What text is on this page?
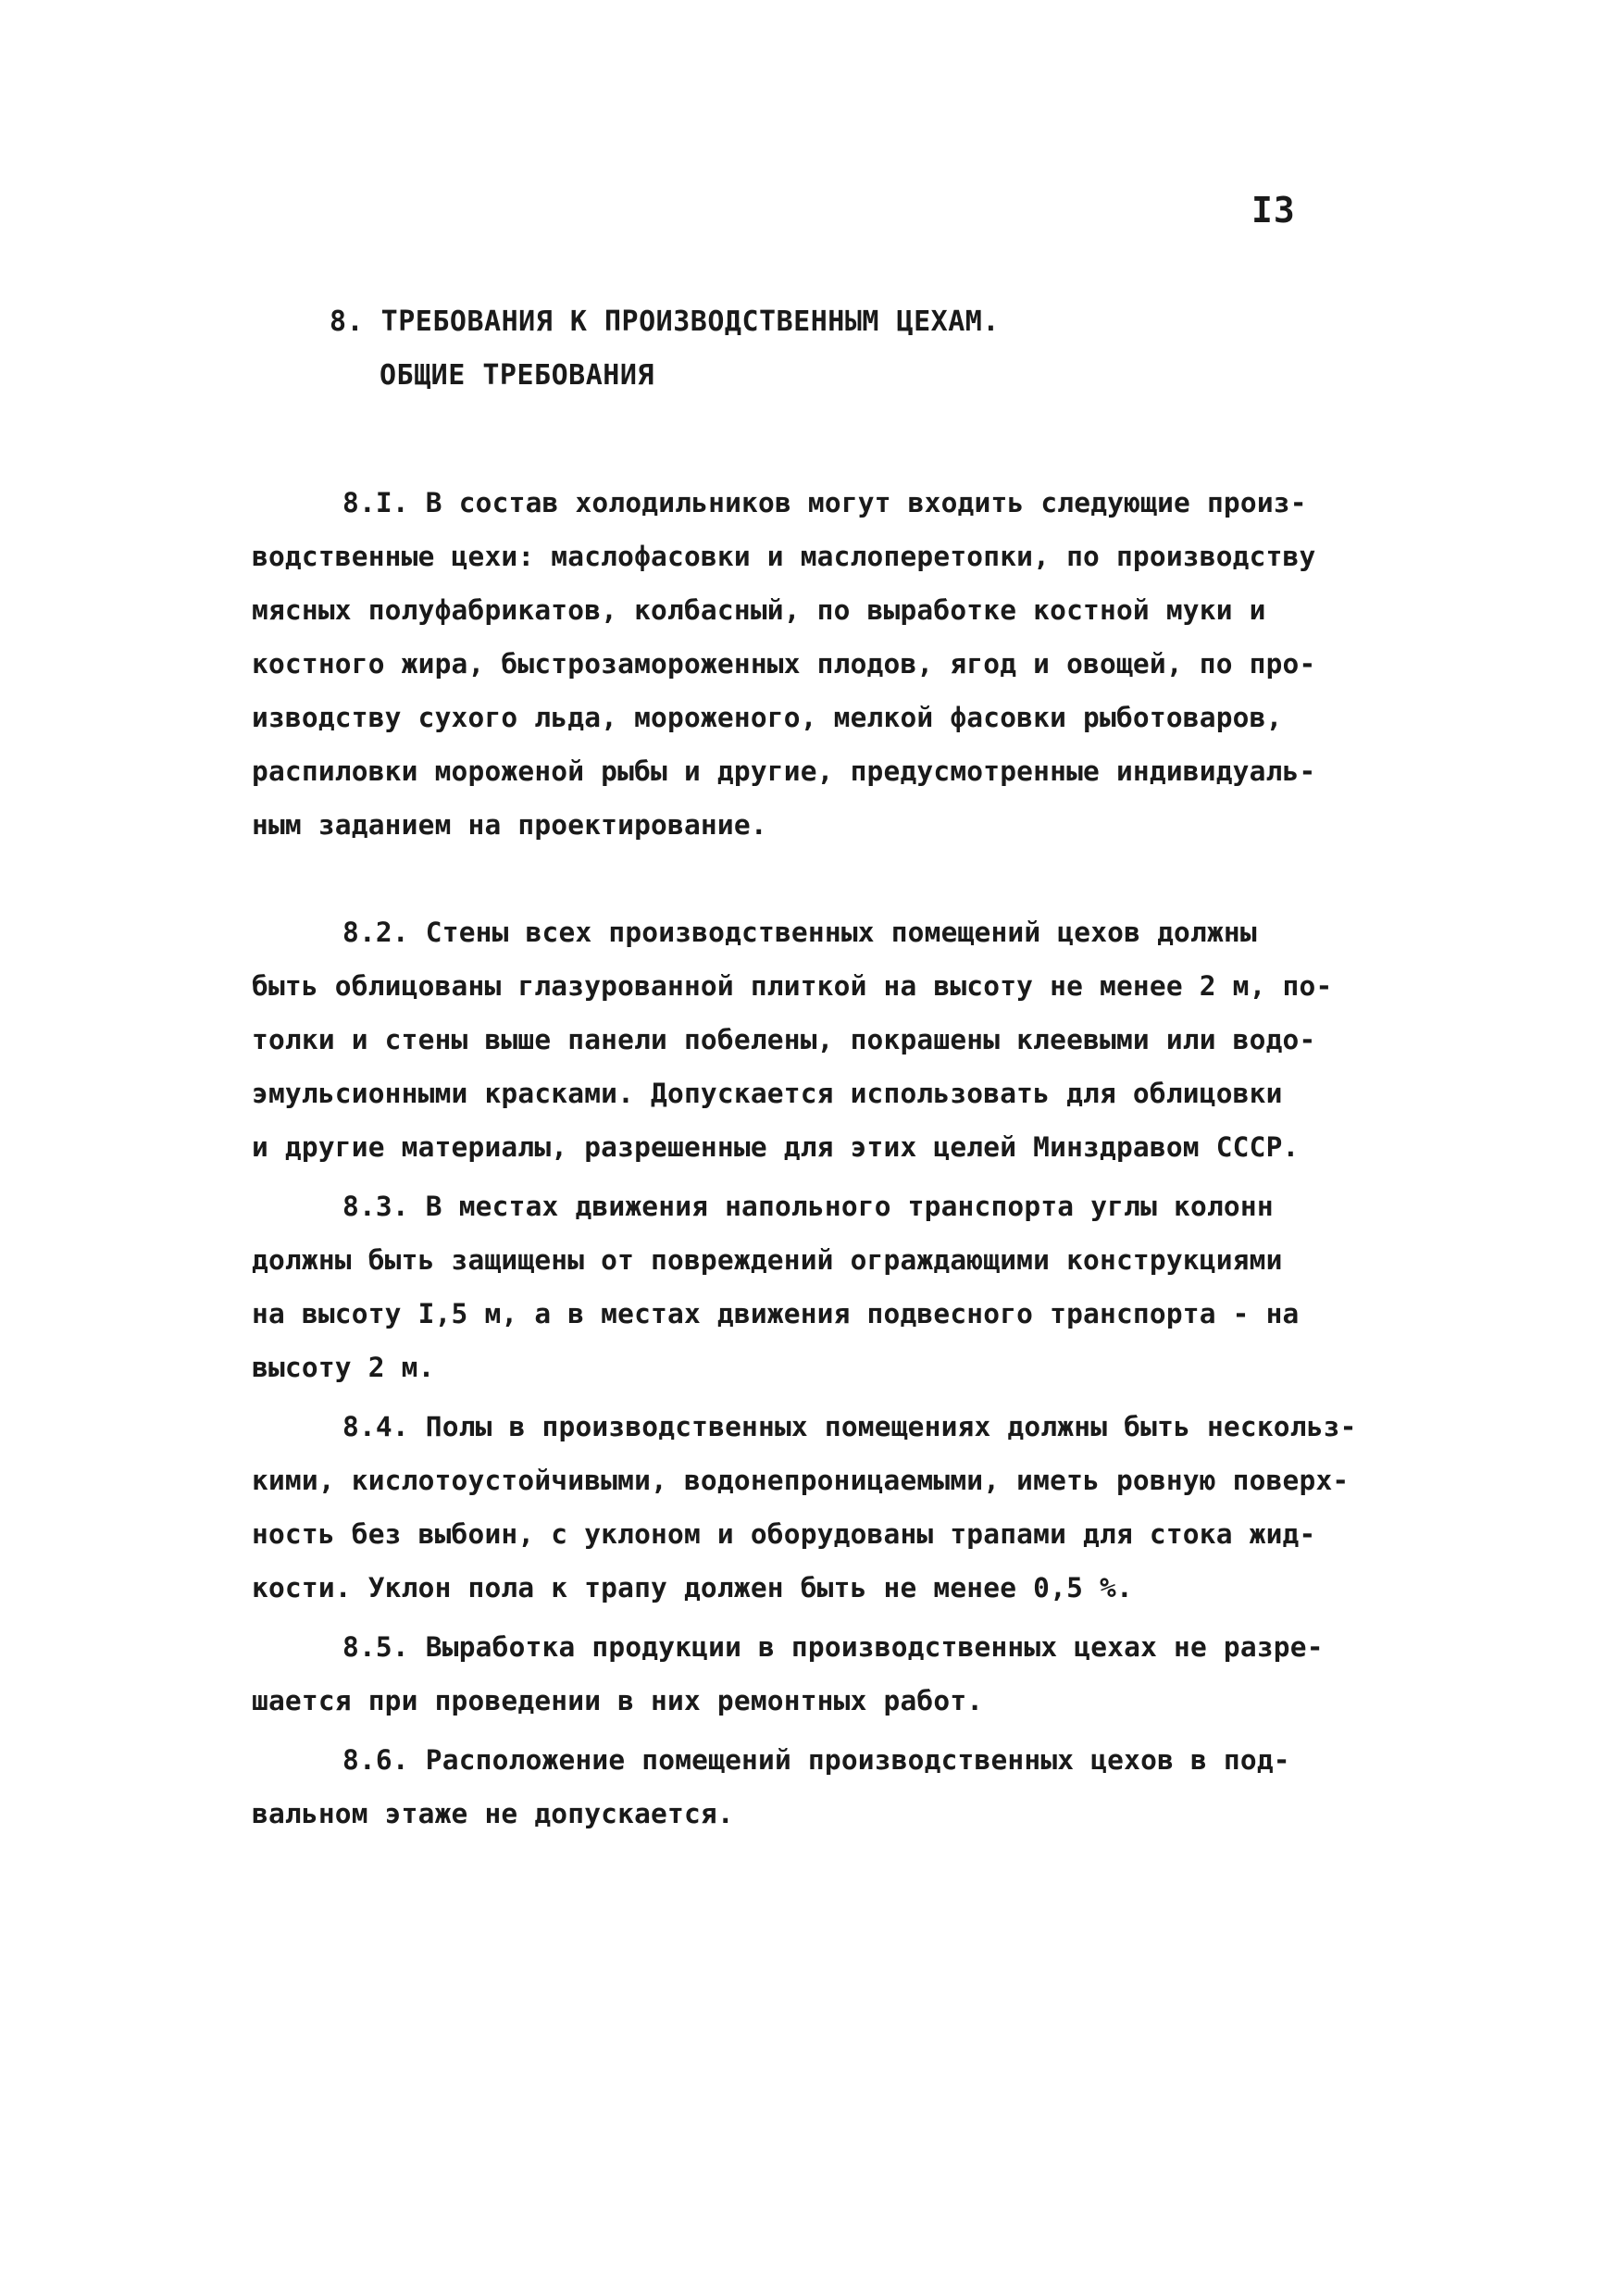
I3
8. ТРЕБОВАНИЯ К ПРОИЗВОДСТВЕННЫМ ЦЕХАМ.
ОБЩИЕ ТРЕБОВАНИЯ
8.I. В состав холодильников могут входить следующие произ-
водственные цехи: маслофасовки и маслоперетопки, по производству
мясных полуфабрикатов, колбасный, по выработке костной муки и
костного жира, быстрозамороженных плодов, ягод и овощей, по про-
изводству сухого льда, мороженого, мелкой фасовки рыботоваров,
распиловки мороженой рыбы и другие, предусмотренные индивидуаль-
ным заданием на проектирование.
8.2. Стены всех производственных помещений цехов должны
быть облицованы глазурованной плиткой на высоту не менее 2 м, по-
толки и стены выше панели побелены, покрашены клеевыми или водо-
эмульсионными красками. Допускается использовать для облицовки
и другие материалы, разрешенные для этих целей Минздравом СССР.
8.3. В местах движения напольного транспорта углы колонн
должны быть защищены от повреждений ограждающими конструкциями
на высоту I,5 м, а в местах движения подвесного транспорта - на
высоту 2 м.
8.4. Полы в производственных помещениях должны быть нескольз-
кими, кислотоустойчивыми, водонепроницаемыми, иметь ровную поверх-
ность без выбоин, с уклоном и оборудованы трапами для стока жид-
кости. Уклон пола к трапу должен быть не менее 0,5 %.
8.5. Выработка продукции в производственных цехах не разре-
шается при проведении в них ремонтных работ.
8.6. Расположение помещений производственных цехов в под-
вальном этаже не допускается.
